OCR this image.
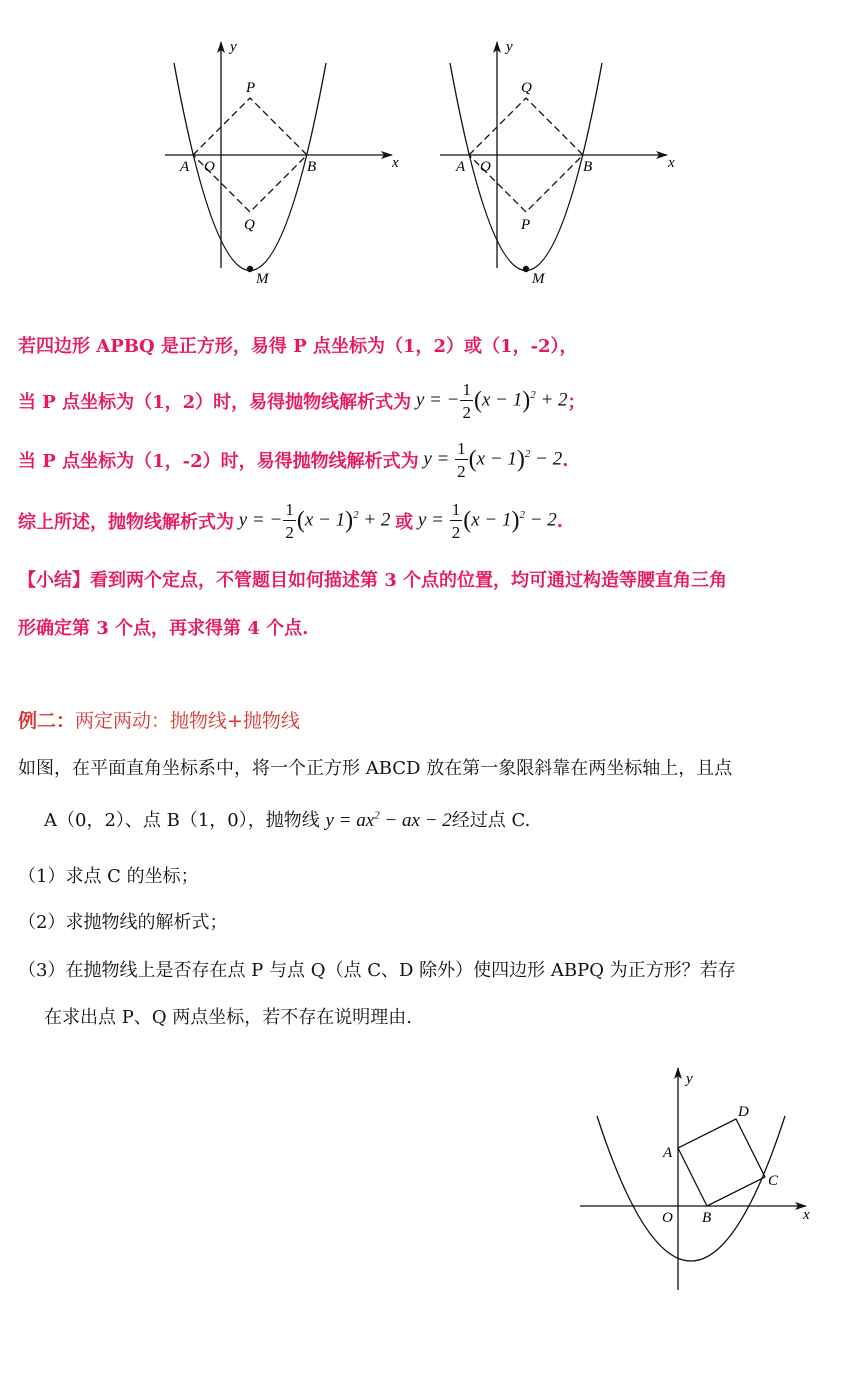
y
x
P
A O	B
Q
M
y
x
Q
A O	B
P
M
若四边形 APBQ 是正方形，易得 P 点坐标为（1，2）或（1，-2），
当 P 点坐标为（1，2）时，易得抛物线解析式为 y = − $\frac{1}{2} (x - 1)^2 + 2$ ；
当 P 点坐标为（1，-2）时，易得抛物线解析式为 $y = \frac{1}{2} (x - 1)^2 - 2$ .
综上所述，抛物线解析式为 y = − $\frac{1}{2} (x - 1)^2 + 2$ 或 $y = \frac{1}{2} (x - 1)^2 - 2$ .
【小结】看到两个定点，不管题目如何描述第 3 个点的位置，均可通过构造等腰直角三角
形确定第 3 个点，再求得第 4 个点.
例二：两定两动：抛物线+抛物线
如图，在平面直角坐标系中，将一个正方形 ABCD 放在第一象限斜靠在两坐标轴上，且点
A（0，2）、点 B（1，0），抛物线 $y = ax^2$ − ax − 2经过点 C.
（1）求点 C 的坐标；
（2）求抛物线的解析式；
（3）在抛物线上是否存在点 P 与点 Q（点 C、D 除外）使四边形 ABPQ 为正方形？若存
在求出点 P、Q 两点坐标，若不存在说明理由.
y
x
D
A
C
O B
